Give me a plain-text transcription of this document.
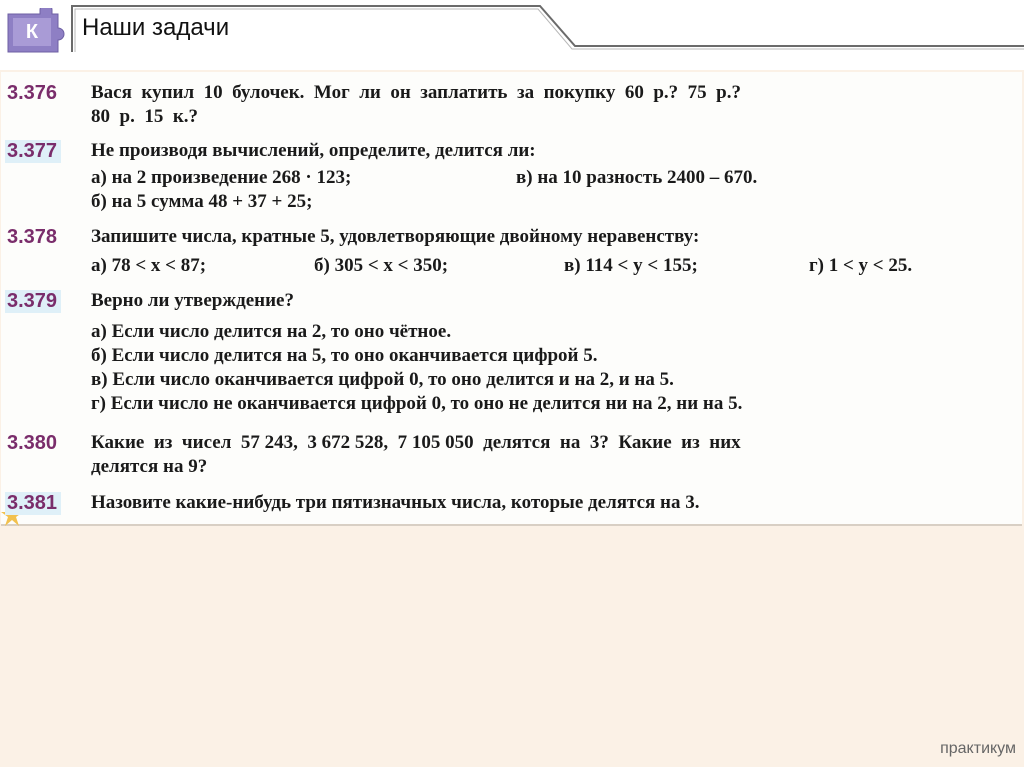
К Наши задачи
3.376 Вася  купил  10  булочек.  Мог  ли  он  заплатить  за  покупку  60  р.?  75  р.?
80  р.  15  к.?
3.377 Не производя вычислений, определите, делится ли:
а) на 2 произведение 268 · 123;	в) на 10 разность 2400 – 670.
б) на 5 сумма 48 + 37 + 25;
3.378 Запишите числа, кратные 5, удовлетворяющие двойному неравенству:
а) 78 < x < 87;	б) 305 < x < 350;	в) 114 < y < 155;	г) 1 < y < 25.
3.379 Верно ли утверждение?
а) Если число делится на 2, то оно чётное.
б) Если число делится на 5, то оно оканчивается цифрой 5.
в) Если число оканчивается цифрой 0, то оно делится и на 2, и на 5.
г) Если число не оканчивается цифрой 0, то оно не делится ни на 2, ни на 5.
3.380 Какие  из  чисел  57 243,  3 672 528,  7 105 050  делятся  на  3?  Какие  из  них
делятся на 9?
3.381 Назовите какие-нибудь три пятизначных числа, которые делятся на 3.
практикум
